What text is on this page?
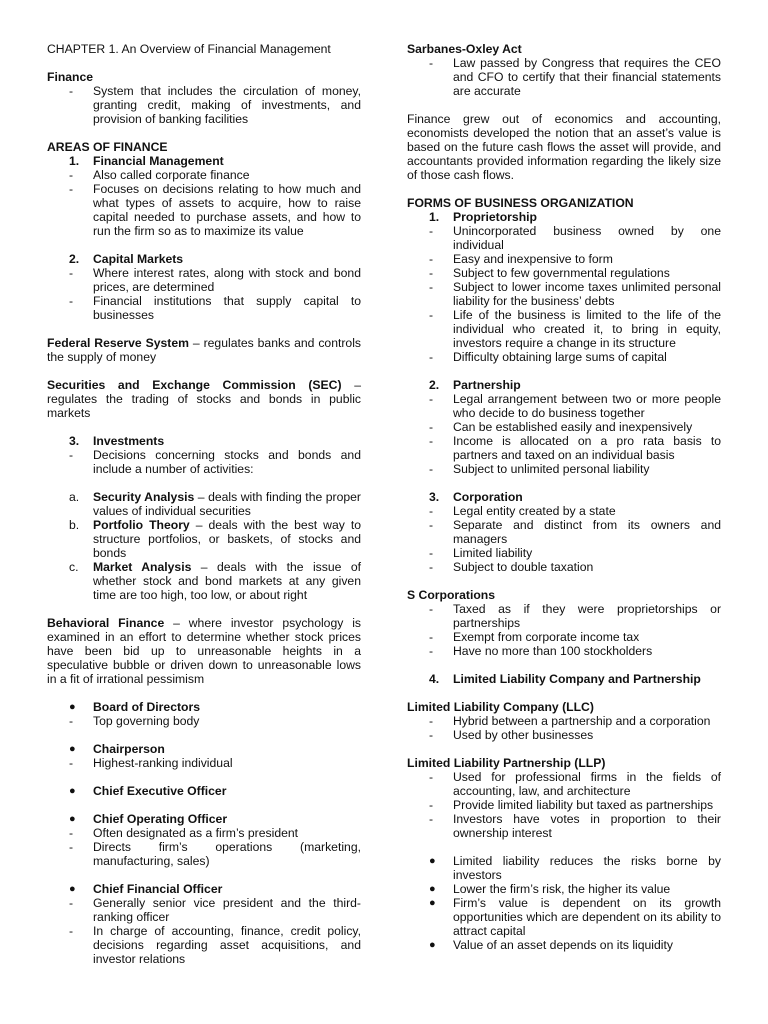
CHAPTER 1. An Overview of Financial Management
Finance
- System that includes the circulation of money, granting credit, making of investments, and provision of banking facilities
AREAS OF FINANCE
1. Financial Management
- Also called corporate finance
- Focuses on decisions relating to how much and what types of assets to acquire, how to raise capital needed to purchase assets, and how to run the firm so as to maximize its value
2. Capital Markets
- Where interest rates, along with stock and bond prices, are determined
- Financial institutions that supply capital to businesses
Federal Reserve System – regulates banks and controls the supply of money
Securities and Exchange Commission (SEC) – regulates the trading of stocks and bonds in public markets
3. Investments
- Decisions concerning stocks and bonds and include a number of activities:
a. Security Analysis – deals with finding the proper values of individual securities
b. Portfolio Theory – deals with the best way to structure portfolios, or baskets, of stocks and bonds
c. Market Analysis – deals with the issue of whether stock and bond markets at any given time are too high, too low, or about right
Behavioral Finance – where investor psychology is examined in an effort to determine whether stock prices have been bid up to unreasonable heights in a speculative bubble or driven down to unreasonable lows in a fit of irrational pessimism
● Board of Directors
- Top governing body
● Chairperson
- Highest-ranking individual
● Chief Executive Officer
● Chief Operating Officer
- Often designated as a firm’s president
- Directs firm’s operations (marketing, manufacturing, sales)
● Chief Financial Officer
- Generally senior vice president and the third-ranking officer
- In charge of accounting, finance, credit policy, decisions regarding asset acquisitions, and investor relations
Sarbanes-Oxley Act
- Law passed by Congress that requires the CEO and CFO to certify that their financial statements are accurate
Finance grew out of economics and accounting, economists developed the notion that an asset’s value is based on the future cash flows the asset will provide, and accountants provided information regarding the likely size of those cash flows.
FORMS OF BUSINESS ORGANIZATION
1. Proprietorship
- Unincorporated business owned by one individual
- Easy and inexpensive to form
- Subject to few governmental regulations
- Subject to lower income taxes unlimited personal liability for the business’ debts
- Life of the business is limited to the life of the individual who created it, to bring in equity, investors require a change in its structure
- Difficulty obtaining large sums of capital
2. Partnership
- Legal arrangement between two or more people who decide to do business together
- Can be established easily and inexpensively
- Income is allocated on a pro rata basis to partners and taxed on an individual basis
- Subject to unlimited personal liability
3. Corporation
- Legal entity created by a state
- Separate and distinct from its owners and managers
- Limited liability
- Subject to double taxation
S Corporations
- Taxed as if they were proprietorships or partnerships
- Exempt from corporate income tax
- Have no more than 100 stockholders
4. Limited Liability Company and Partnership
Limited Liability Company (LLC)
- Hybrid between a partnership and a corporation
- Used by other businesses
Limited Liability Partnership (LLP)
- Used for professional firms in the fields of accounting, law, and architecture
- Provide limited liability but taxed as partnerships
- Investors have votes in proportion to their ownership interest
● Limited liability reduces the risks borne by investors
● Lower the firm’s risk, the higher its value
● Firm’s value is dependent on its growth opportunities which are dependent on its ability to attract capital
● Value of an asset depends on its liquidity
